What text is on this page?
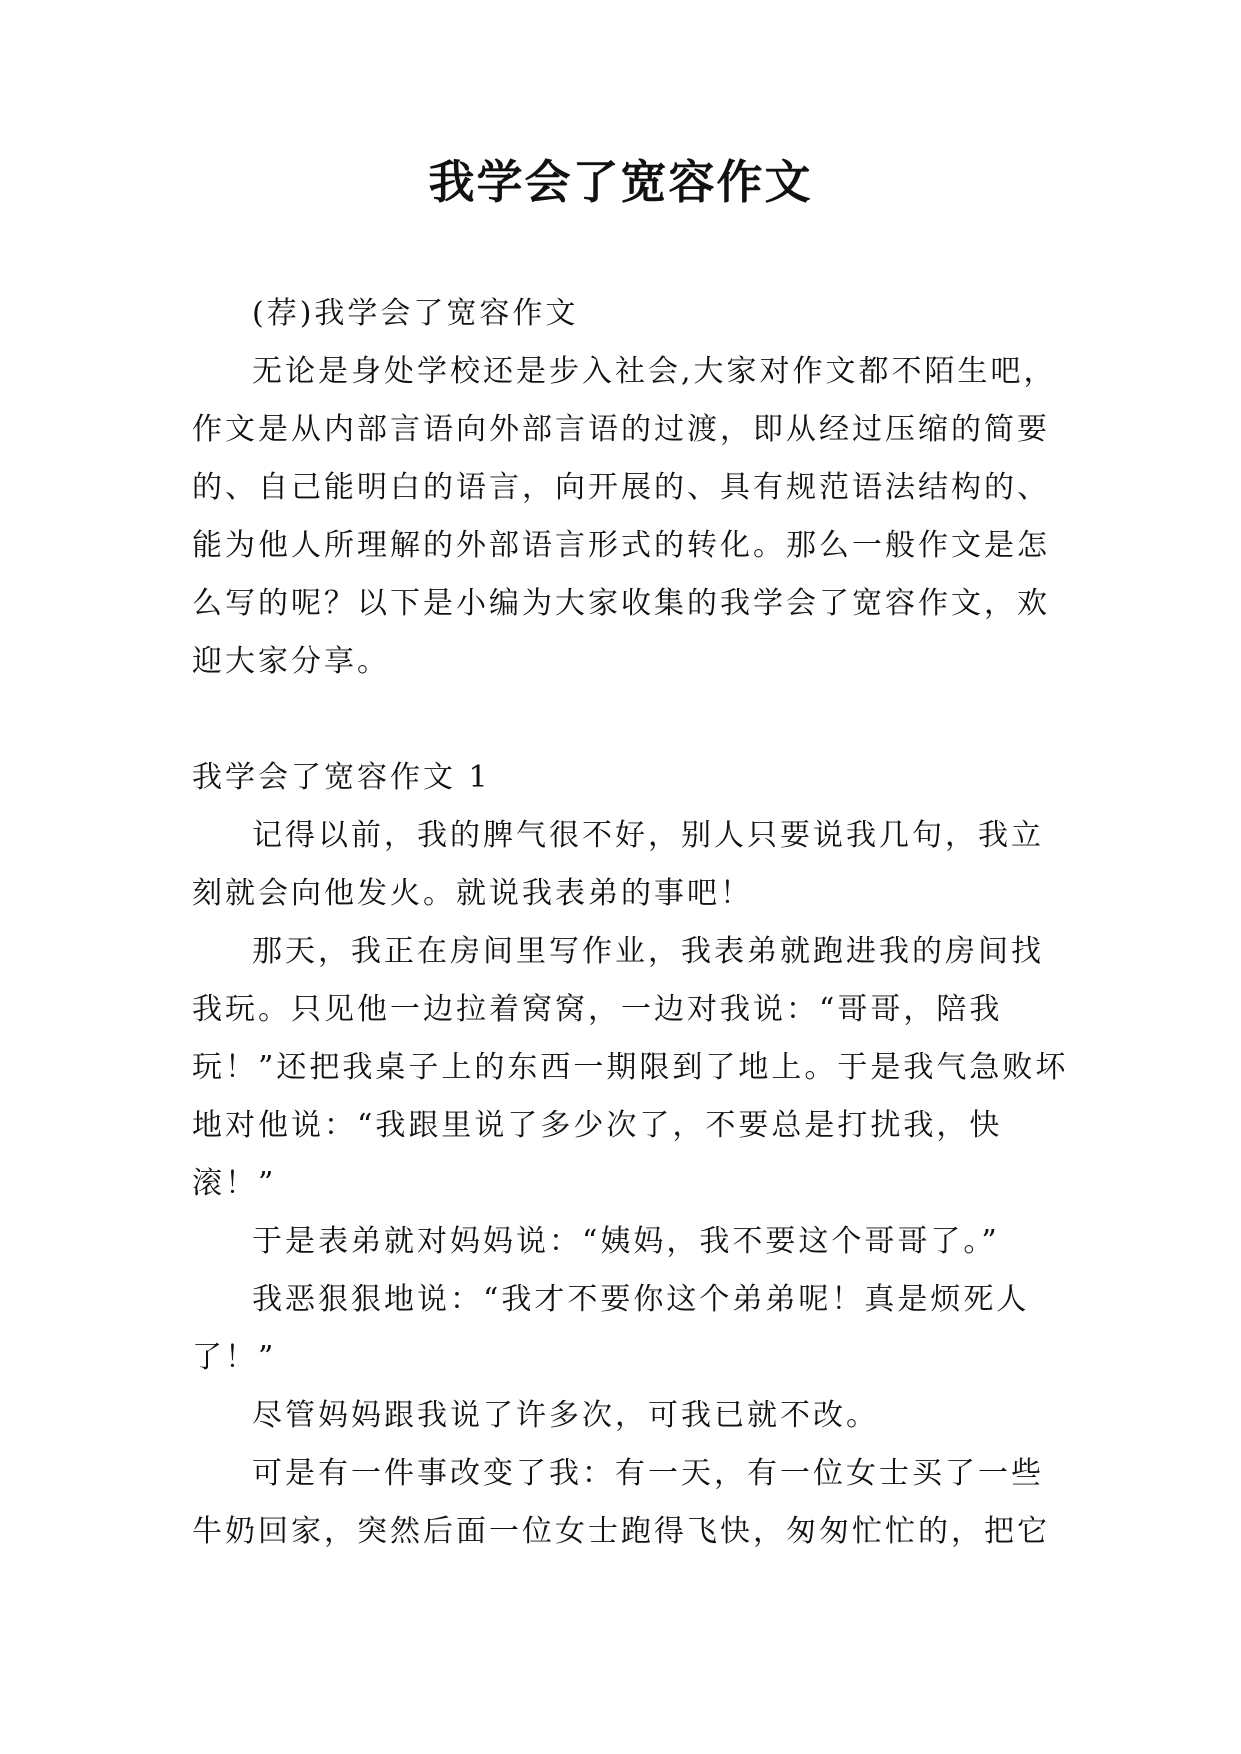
我学会了宽容作文

(荐)我学会了宽容作文

无论是身处学校还是步入社会,大家对作文都不陌生吧，作文是从内部言语向外部言语的过渡，即从经过压缩的简要的、自己能明白的语言，向开展的、具有规范语法结构的、能为他人所理解的外部语言形式的转化。那么一般作文是怎么写的呢？以下是小编为大家收集的我学会了宽容作文，欢迎大家分享。

我学会了宽容作文 1

记得以前，我的脾气很不好，别人只要说我几句，我立刻就会向他发火。就说我表弟的事吧！

那天，我正在房间里写作业，我表弟就跑进我的房间找我玩。只见他一边拉着窝窝，一边对我说：“哥哥，陪我玩！”还把我桌子上的东西一期限到了地上。于是我气急败坏地对他说：“我跟里说了多少次了，不要总是打扰我，快滚！”

于是表弟就对妈妈说：“姨妈，我不要这个哥哥了。”

我恶狠狠地说：“我才不要你这个弟弟呢！真是烦死人了！”

尽管妈妈跟我说了许多次，可我已就不改。

可是有一件事改变了我：有一天，有一位女士买了一些牛奶回家，突然后面一位女士跑得飞快，匆匆忙忙的，把它
